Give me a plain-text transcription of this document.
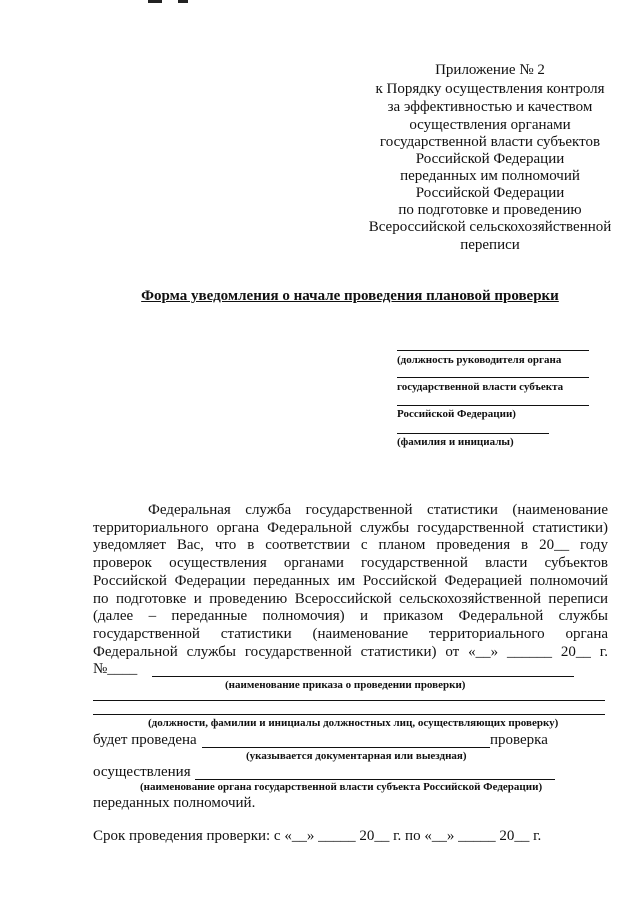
Приложение № 2
к Порядку осуществления контроля
за эффективностью и качеством
осуществления органами
государственной власти субъектов
Российской Федерации
переданных им полномочий
Российской Федерации
по подготовке и проведению
Всероссийской сельскохозяйственной
переписи
Форма уведомления о начале проведения плановой проверки
(должность руководителя органа
государственной власти субъекта
Российской Федерации)
(фамилия и инициалы)

Федеральная служба государственной статистики (наименование

территориального органа Федеральной службы государственной статистики)

уведомляет Вас, что в соответствии с планом проведения в 20__ году

проверок осуществления органами государственной власти субъектов

Российской Федерации переданных им Российской Федерацией полномочий

по подготовке и проведению Всероссийской сельскохозяйственной переписи

(далее – переданные полномочия) и приказом Федеральной службы

государственной статистики (наименование территориального органа

Федеральной службы государственной статистики) от «__» ______ 20__ г.

№____
(наименование приказа о проведении проверки)
(должности, фамилии и инициалы должностных лиц, осуществляющих проверку)
будет проведена	проверка
(указывается документарная или выездная)
осуществления
(наименование органа государственной власти субъекта Российской Федерации)
переданных полномочий.
Срок проведения проверки: с «__» _____ 20__ г. по «__» _____ 20__ г.
